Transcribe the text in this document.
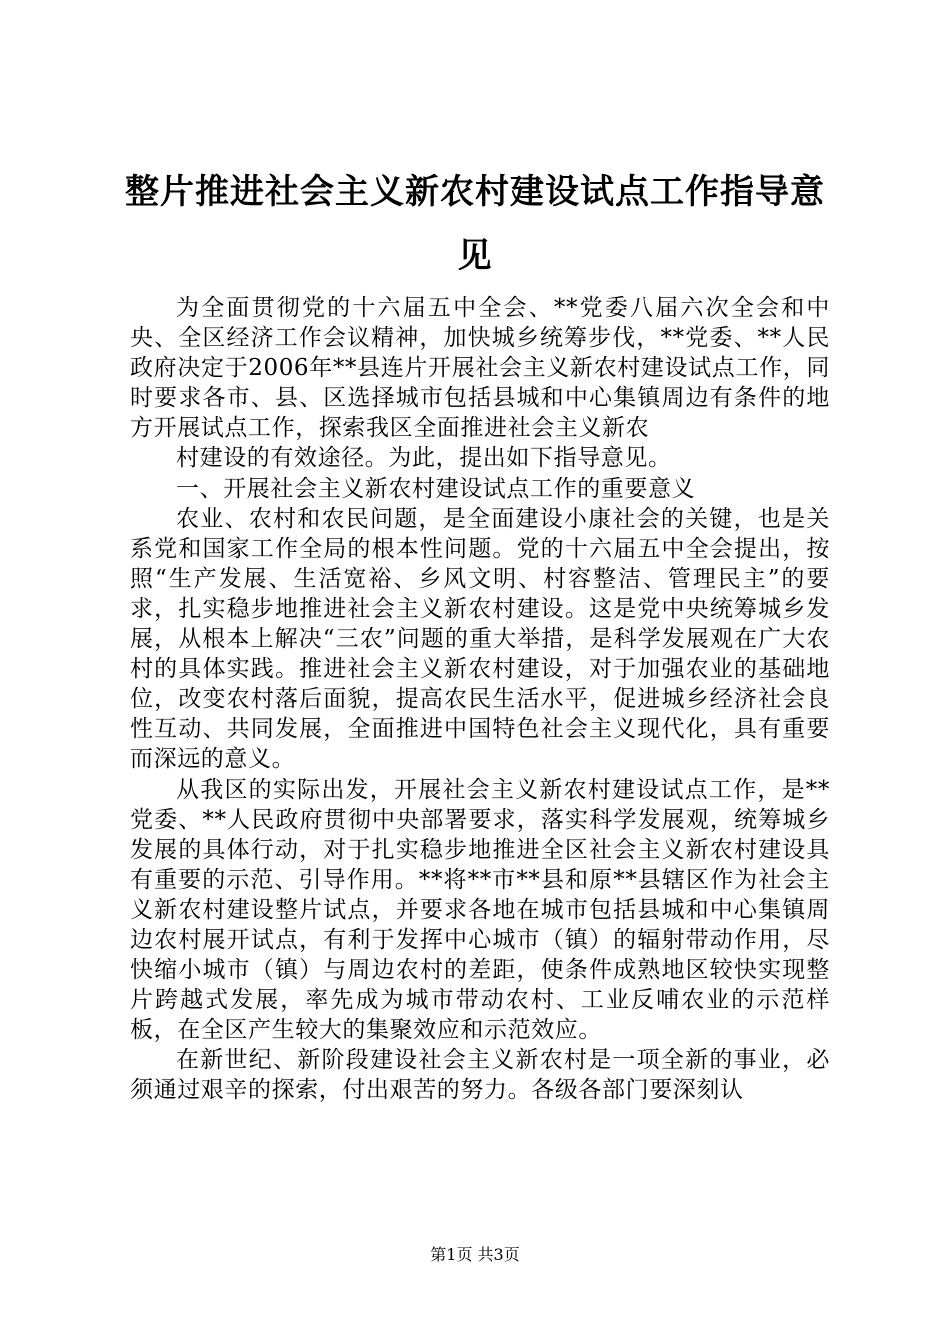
整片推进社会主义新农村建设试点工作指导意见

为全面贯彻党的十六届五中全会、**党委八届六次全会和中央、全区经济工作会议精神，加快城乡统筹步伐，**党委、**人民政府决定于2006年**县连片开展社会主义新农村建设试点工作，同时要求各市、县、区选择城市包括县城和中心集镇周边有条件的地方开展试点工作，探索我区全面推进社会主义新农

村建设的有效途径。为此，提出如下指导意见。

一、开展社会主义新农村建设试点工作的重要意义

农业、农村和农民问题，是全面建设小康社会的关键，也是关系党和国家工作全局的根本性问题。党的十六届五中全会提出，按照“生产发展、生活宽裕、乡风文明、村容整洁、管理民主”的要求，扎实稳步地推进社会主义新农村建设。这是党中央统筹城乡发展，从根本上解决“三农”问题的重大举措，是科学发展观在广大农村的具体实践。推进社会主义新农村建设，对于加强农业的基础地位，改变农村落后面貌，提高农民生活水平，促进城乡经济社会良性互动、共同发展，全面推进中国特色社会主义现代化，具有重要而深远的意义。

从我区的实际出发，开展社会主义新农村建设试点工作，是**党委、**人民政府贯彻中央部署要求，落实科学发展观，统筹城乡发展的具体行动，对于扎实稳步地推进全区社会主义新农村建设具有重要的示范、引导作用。**将**市**县和原**县辖区作为社会主义新农村建设整片试点，并要求各地在城市包括县城和中心集镇周边农村展开试点，有利于发挥中心城市（镇）的辐射带动作用，尽快缩小城市（镇）与周边农村的差距，使条件成熟地区较快实现整片跨越式发展，率先成为城市带动农村、工业反哺农业的示范样板，在全区产生较大的集聚效应和示范效应。

在新世纪、新阶段建设社会主义新农村是一项全新的事业，必须通过艰辛的探索，付出艰苦的努力。各级各部门要深刻认

第1页 共3页
